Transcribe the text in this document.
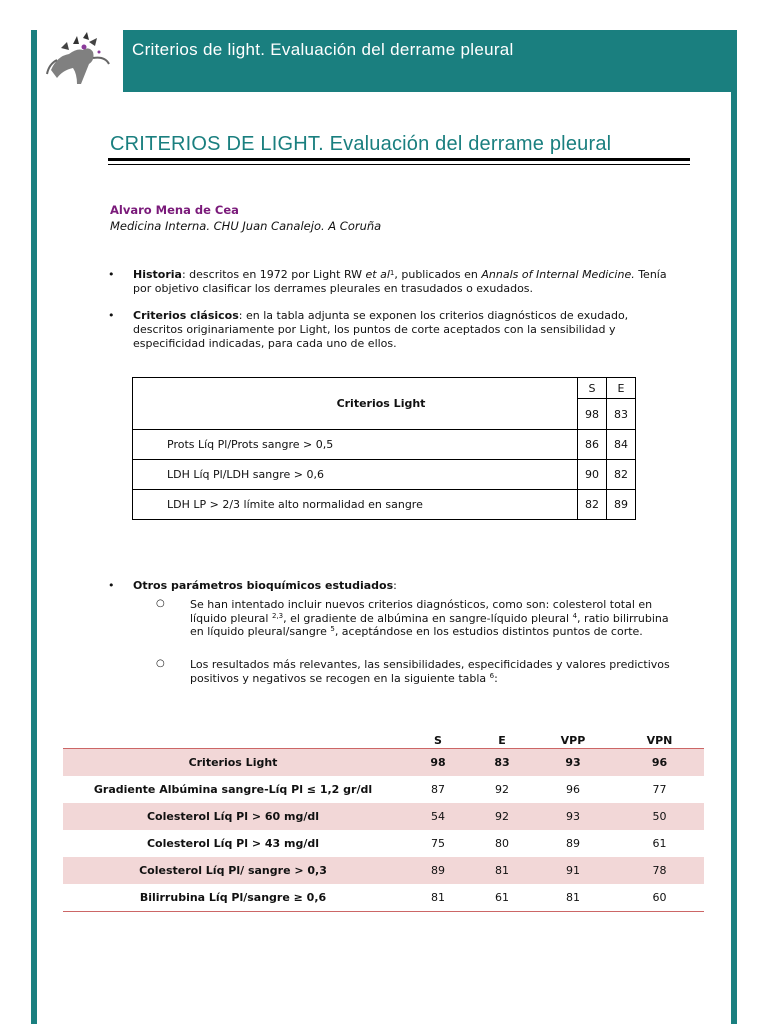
Criterios de light. Evaluación del derrame pleural
CRITERIOS DE LIGHT. Evaluación del derrame pleural
Alvaro Mena de Cea
Medicina Interna. CHU Juan Canalejo. A Coruña
• Historia: descritos en 1972 por Light RW et $al^1$, publicados en Annals of Internal Medicine. Tenía por objetivo clasificar los derrames pleurales en trasudados o exudados.
• Criterios clásicos: en la tabla adjunta se exponen los criterios diagnósticos de exudado, descritos originariamente por Light, los puntos de corte aceptados con la sensibilidad y especificidad indicadas, para cada uno de ellos.
Criterios Light	S	E
	98	83
Prots Líq Pl/Prots sangre > 0,5	86	84
LDH Líq Pl/LDH sangre > 0,6	90	82
LDH LP > 2/3 límite alto normalidad en sangre	82	89
• Otros parámetros bioquímicos estudiados:
○ Se han intentado incluir nuevos criterios diagnósticos, como son: colesterol total en líquido pleural $^{2,3}$, el gradiente de albúmina en sangre-líquido pleural $^4$, ratio bilirrubina en líquido pleural/sangre $^5$, aceptándose en los estudios distintos puntos de corte.
○ Los resultados más relevantes, las sensibilidades, especificidades y valores predictivos positivos y negativos se recogen en la siguiente tabla $^6$:
	S	E	VPP	VPN
Criterios Light	98	83	93	96
Gradiente Albúmina sangre-Líq Pl ≤ 1,2 gr/dl	87	92	96	77
Colesterol Líq Pl > 60 mg/dl	54	92	93	50
Colesterol Líq Pl > 43 mg/dl	75	80	89	61
Colesterol Líq Pl/ sangre > 0,3	89	81	91	78
Bilirrubina Líq Pl/sangre ≥ 0,6	81	61	81	60
